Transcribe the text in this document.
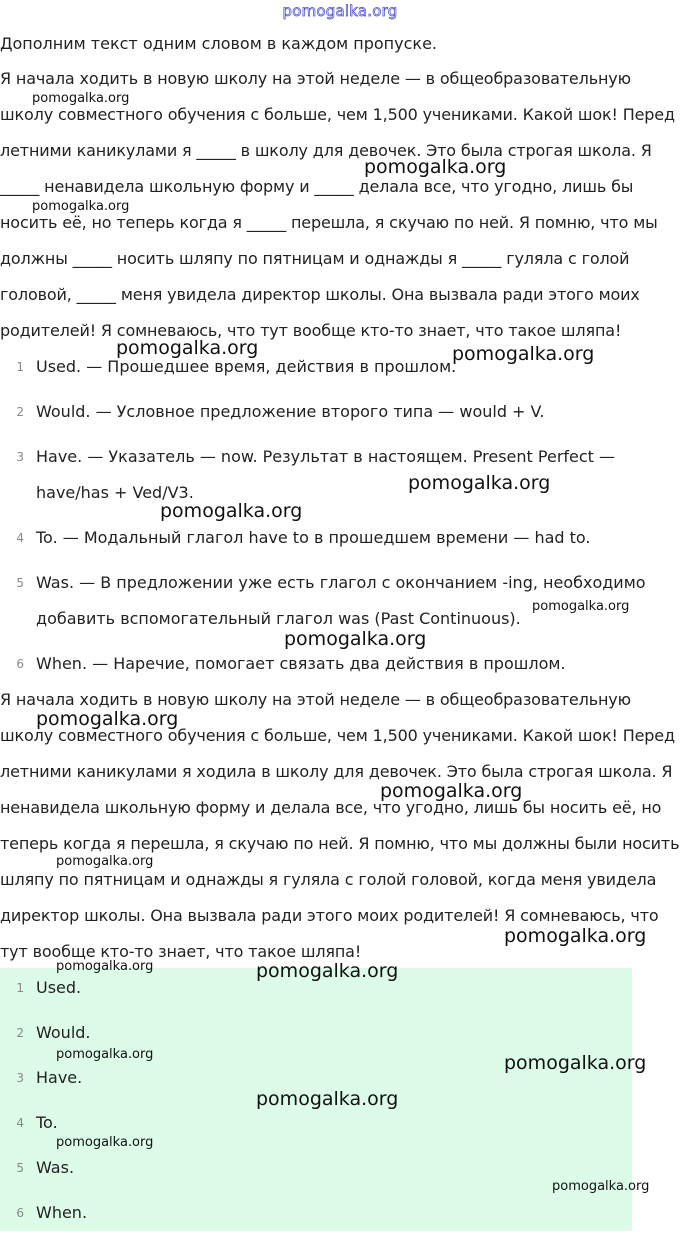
pomogalka.org

Дополним текст одним словом в каждом пропуске.

Я начала ходить в новую школу на этой неделе — в общеобразовательную школу совместного обучения с больше, чем 1,500 учениками. Какой шок! Перед летними каникулами я _____ в школу для девочек. Это была строгая школа. Я _____ ненавидела школьную форму и _____ делала все, что угодно, лишь бы носить её, но теперь когда я _____ перешла, я скучаю по ней. Я помню, что мы должны _____ носить шляпу по пятницам и однажды я _____ гуляла с голой головой, _____ меня увидела директор школы. Она вызвала ради этого моих родителей! Я сомневаюсь, что тут вообще кто-то знает, что такое шляпа!

1 Used. — Прошедшее время, действия в прошлом.
2 Would. — Условное предложение второго типа — would + V.
3 Have. — Указатель — now. Результат в настоящем. Present Perfect — have/has + Ved/V3.
4 To. — Модальный глагол have to в прошедшем времени — had to.
5 Was. — В предложении уже есть глагол с окончанием -ing, необходимо добавить вспомогательный глагол was (Past Continuous).
6 When. — Наречие, помогает связать два действия в прошлом.

Я начала ходить в новую школу на этой неделе — в общеобразовательную школу совместного обучения с больше, чем 1,500 учениками. Какой шок! Перед летними каникулами я ходила в школу для девочек. Это была строгая школа. Я ненавидела школьную форму и делала все, что угодно, лишь бы носить её, но теперь когда я перешла, я скучаю по ней. Я помню, что мы должны были носить шляпу по пятницам и однажды я гуляла с голой головой, когда меня увидела директор школы. Она вызвала ради этого моих родителей! Я сомневаюсь, что тут вообще кто-то знает, что такое шляпа!

1 Used.
2 Would.
3 Have.
4 To.
5 Was.
6 When.
pomogalka.org
pomogalka.org
pomogalka.org
pomogalka.org	pomogalka.org
pomogalka.org
pomogalka.org
pomogalka.org
pomogalka.org
pomogalka.org
pomogalka.org
pomogalka.org
pomogalka.org
pomogalka.org	pomogalka.org
pomogalka.org	pomogalka.org
pomogalka.org
pomogalka.org
pomogalka.org
